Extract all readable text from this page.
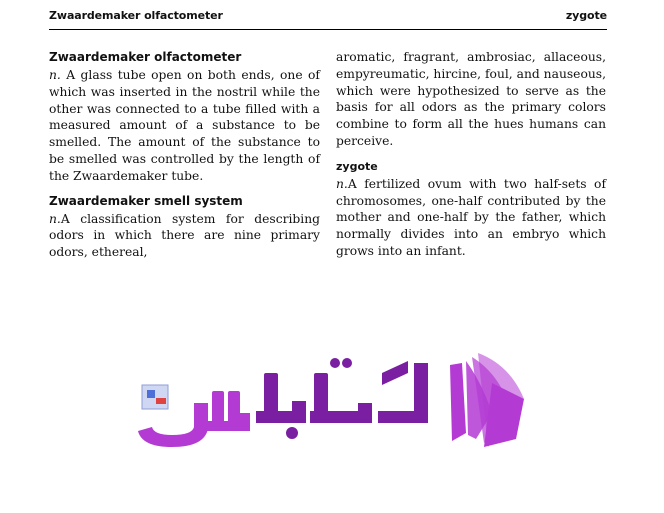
Zwaardemaker olfactometer	zygote
Zwaardemaker olfactometer

n. A glass tube open on both ends, one of which was inserted in the nostril while the other was connected to a tube filled with a measured amount of a substance to be smelled. The amount of the substance to be smelled was controlled by the length of the Zwaardemaker tube.

Zwaardemaker smell system

n.A classification system for describing odors in which there are nine primary odors, ethereal,

aromatic, fragrant, ambrosiac, allaceous, empyreumatic, hircine, foul, and nauseous, which were hypothesized to serve as the basis for all odors as the primary colors combine to form all the hues humans can perceive.

zygote

n.A fertilized ovum with two half-sets of chromosomes, one-half contributed by the mother and one-half by the father, which normally divides into an embryo which grows into an infant.
